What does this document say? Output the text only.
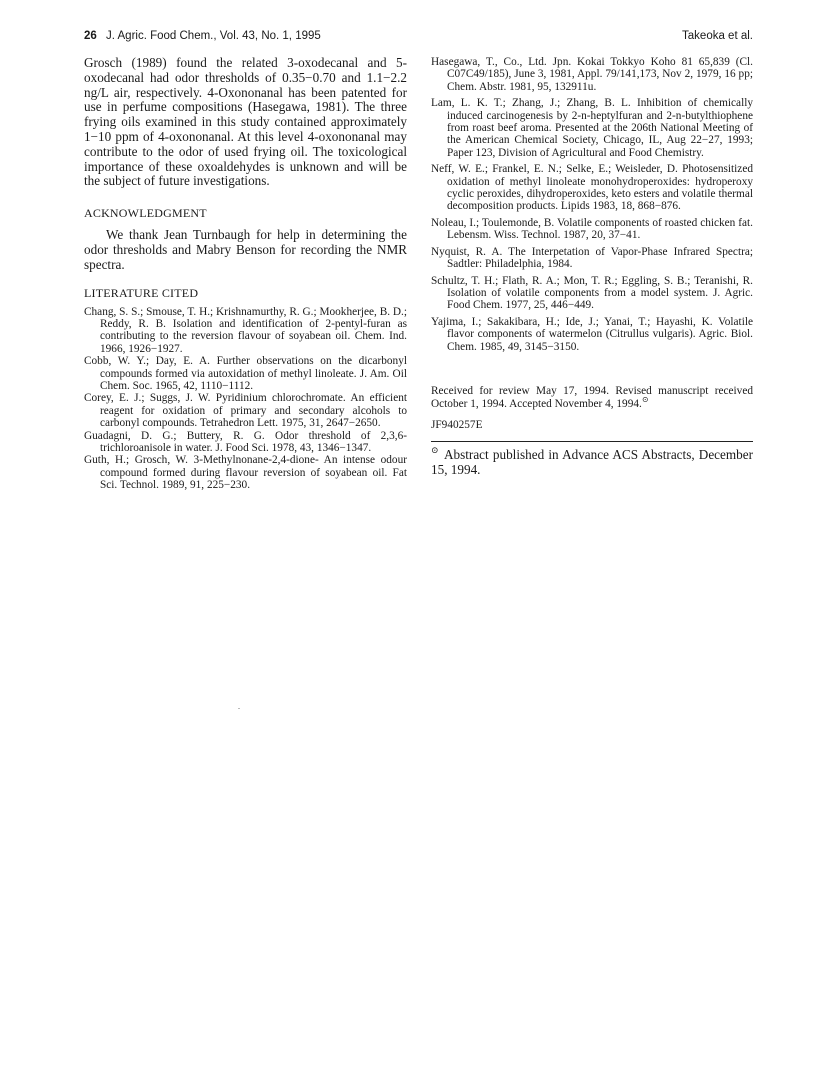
26 J. Agric. Food Chem., Vol. 43, No. 1, 1995	Takeoka et al.

Grosch (1989) found the related 3-oxodecanal and 5-oxodecanal had odor thresholds of 0.35−0.70 and 1.1−2.2 ng/L air, respectively. 4-Oxononanal has been patented for use in perfume compositions (Hasegawa, 1981). The three frying oils examined in this study contained approximately 1−10 ppm of 4-oxononanal. At this level 4-oxononanal may contribute to the odor of used frying oil. The toxicological importance of these oxoaldehydes is unknown and will be the subject of future investigations.

ACKNOWLEDGMENT

We thank Jean Turnbaugh for help in determining the odor thresholds and Mabry Benson for recording the NMR spectra.

LITERATURE CITED

Chang, S. S.; Smouse, T. H.; Krishnamurthy, R. G.; Mookherjee, B. D.; Reddy, R. B. Isolation and identification of 2-pentyl-furan as contributing to the reversion flavour of soyabean oil. Chem. Ind. 1966, 1926−1927.

Cobb, W. Y.; Day, E. A. Further observations on the dicarbonyl compounds formed via autoxidation of methyl linoleate. J. Am. Oil Chem. Soc. 1965, 42, 1110−1112.

Corey, E. J.; Suggs, J. W. Pyridinium chlorochromate. An efficient reagent for oxidation of primary and secondary alcohols to carbonyl compounds. Tetrahedron Lett. 1975, 31, 2647−2650.

Guadagni, D. G.; Buttery, R. G. Odor threshold of 2,3,6-trichloroanisole in water. J. Food Sci. 1978, 43, 1346−1347.

Guth, H.; Grosch, W. 3-Methylnonane-2,4-dione- An intense odour compound formed during flavour reversion of soyabean oil. Fat Sci. Technol. 1989, 91, 225−230.

Hasegawa, T., Co., Ltd. Jpn. Kokai Tokkyo Koho 81 65,839 (Cl. C07C49/185), June 3, 1981, Appl. 79/141,173, Nov 2, 1979, 16 pp; Chem. Abstr. 1981, 95, 132911u.

Lam, L. K. T.; Zhang, J.; Zhang, B. L. Inhibition of chemically induced carcinogenesis by 2-n-heptylfuran and 2-n-butylthiophene from roast beef aroma. Presented at the 206th National Meeting of the American Chemical Society, Chicago, IL, Aug 22−27, 1993; Paper 123, Division of Agricultural and Food Chemistry.

Neff, W. E.; Frankel, E. N.; Selke, E.; Weisleder, D. Photosensitized oxidation of methyl linoleate monohydroperoxides: hydroperoxy cyclic peroxides, dihydroperoxides, keto esters and volatile thermal decomposition products. Lipids 1983, 18, 868−876.

Noleau, I.; Toulemonde, B. Volatile components of roasted chicken fat. Lebensm. Wiss. Technol. 1987, 20, 37−41.

Nyquist, R. A. The Interpetation of Vapor-Phase Infrared Spectra; Sadtler: Philadelphia, 1984.

Schultz, T. H.; Flath, R. A.; Mon, T. R.; Eggling, S. B.; Teranishi, R. Isolation of volatile components from a model system. J. Agric. Food Chem. 1977, 25, 446−449.

Yajima, I.; Sakakibara, H.; Ide, J.; Yanai, T.; Hayashi, K. Volatile flavor components of watermelon (Citrullus vulgaris). Agric. Biol. Chem. 1985, 49, 3145−3150.

Received for review May 17, 1994. Revised manuscript received October 1, 1994. Accepted November 4, 1994.⊙

JF940257E

⊙ Abstract published in Advance ACS Abstracts, December 15, 1994.
